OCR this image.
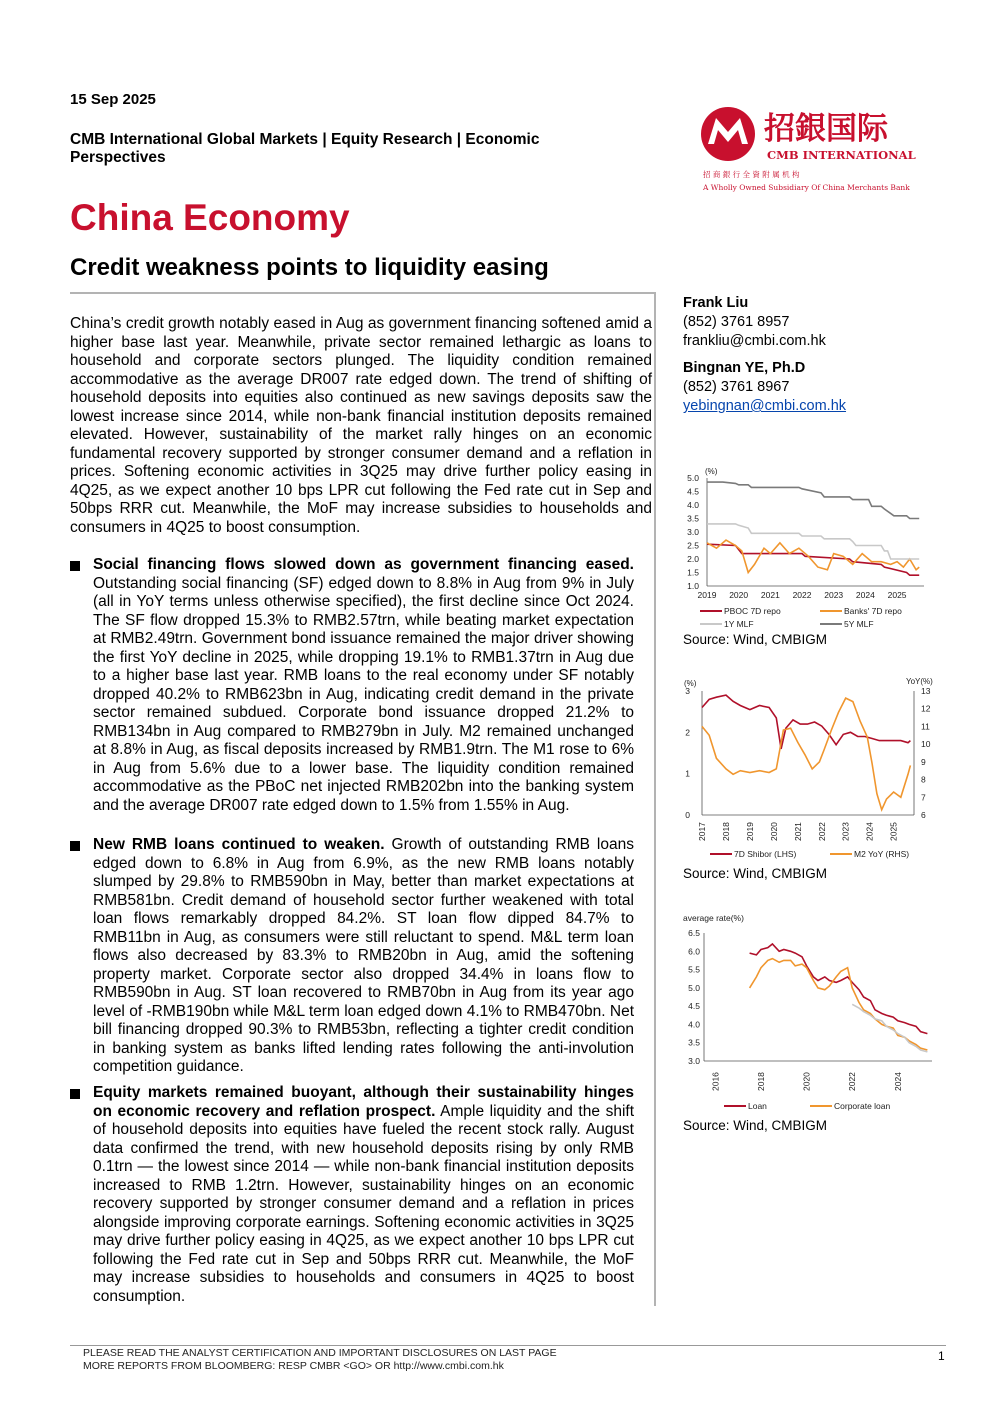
15 Sep 2025
CMB International Global Markets | Equity Research | Economic Perspectives
招銀国际
CMB INTERNATIONAL
招 商 銀 行 全 資 附 属 机 构
A Wholly Owned Subsidiary Of China Merchants Bank
China Economy
Credit weakness points to liquidity easing
China’s credit growth notably eased in Aug as government financing softened amid a higher base last year. Meanwhile, private sector remained lethargic as loans to household and corporate sectors plunged. The liquidity condition remained accommodative as the average DR007 rate edged down. The trend of shifting of household deposits into equities also continued as new savings deposits saw the lowest increase since 2014, while non-bank financial institution deposits remained elevated. However, sustainability of the market rally hinges on an economic fundamental recovery supported by stronger consumer demand and a reflation in prices. Softening economic activities in 3Q25 may drive further policy easing in 4Q25, as we expect another 10 bps LPR cut following the Fed rate cut in Sep and 50bps RRR cut. Meanwhile, the MoF may increase subsidies to households and consumers in 4Q25 to boost consumption.
Social financing flows slowed down as government financing eased. Outstanding social financing (SF) edged down to 8.8% in Aug from 9% in July (all in YoY terms unless otherwise specified), the first decline since Oct 2024. The SF flow dropped 15.3% to RMB2.57trn, while beating market expectation at RMB2.49trn. Government bond issuance remained the major driver showing the first YoY decline in 2025, while dropping 19.1% to RMB1.37trn in Aug due to a higher base last year. RMB loans to the real economy under SF notably dropped 40.2% to RMB623bn in Aug, indicating credit demand in the private sector remained subdued. Corporate bond issuance dropped 21.2% to RMB134bn in Aug compared to RMB279bn in July. M2 remained unchanged at 8.8% in Aug, as fiscal deposits increased by RMB1.9trn. The M1 rose to 6% in Aug from 5.6% due to a lower base. The liquidity condition remained accommodative as the PBoC net injected RMB202bn into the banking system and the average DR007 rate edged down to 1.5% from 1.55% in Aug.
New RMB loans continued to weaken. Growth of outstanding RMB loans edged down to 6.8% in Aug from 6.9%, as the new RMB loans notably slumped by 29.8% to RMB590bn in May, better than market expectations at RMB581bn. Credit demand of household sector further weakened with total loan flows remarkably dropped 84.2%. ST loan flow dipped 84.7% to RMB11bn in Aug, as consumers were still reluctant to spend. M&L term loan flows also decreased by 83.3% to RMB20bn in Aug, amid the softening property market. Corporate sector also dropped 34.4% in loans flow to RMB590bn in Aug. ST loan recovered to RMB70bn in Aug from its year ago level of -RMB190bn while M&L term loan edged down 4.1% to RMB470bn. Net bill financing dropped 90.3% to RMB53bn, reflecting a tighter credit condition in banking system as banks lifted lending rates following the anti-involution competition guidance.
Equity markets remained buoyant, although their sustainability hinges on economic recovery and reflation prospect. Ample liquidity and the shift of household deposits into equities have fueled the recent stock rally. August data confirmed the trend, with new household deposits rising by only RMB 0.1trn — the lowest since 2014 — while non-bank financial institution deposits increased to RMB 1.2trn. However, sustainability hinges on an economic recovery supported by stronger consumer demand and a reflation in prices alongside improving corporate earnings. Softening economic activities in 3Q25 may drive further policy easing in 4Q25, as we expect another 10 bps LPR cut following the Fed rate cut in Sep and 50bps RRR cut. Meanwhile, the MoF may increase subsidies to households and consumers in 4Q25 to boost consumption.
Frank Liu
(852) 3761 8957
frankliu@cmbi.com.hk
Bingnan YE, Ph.D
(852) 3761 8967
yebingnan@cmbi.com.hk
(%)
5.0
4.5
4.0
3.5
3.0
2.5
2.0
1.5
1.0
2019 2020 2021 2022 2023 2024 2025
PBOC 7D repo	Banks' 7D repo
1Y MLF	5Y MLF
Source: Wind, CMBIGM
(%)	YoY(%)
3
2
1
0
13
12
11
10
9
8
7
6
2017 2018 2019 2020 2021 2022 2023 2024 2025
7D Shibor (LHS)	M2 YoY (RHS)
Source: Wind, CMBIGM
average rate(%)
6.5
6.0
5.5
5.0
4.5
4.0
3.5
3.0
2016	2018	2020	2022	2024
Loan	Corporate loan
Source: Wind, CMBIGM
PLEASE READ THE ANALYST CERTIFICATION AND IMPORTANT DISCLOSURES ON LAST PAGE
MORE REPORTS FROM BLOOMBERG: RESP CMBR <GO> OR http://www.cmbi.com.hk
1
